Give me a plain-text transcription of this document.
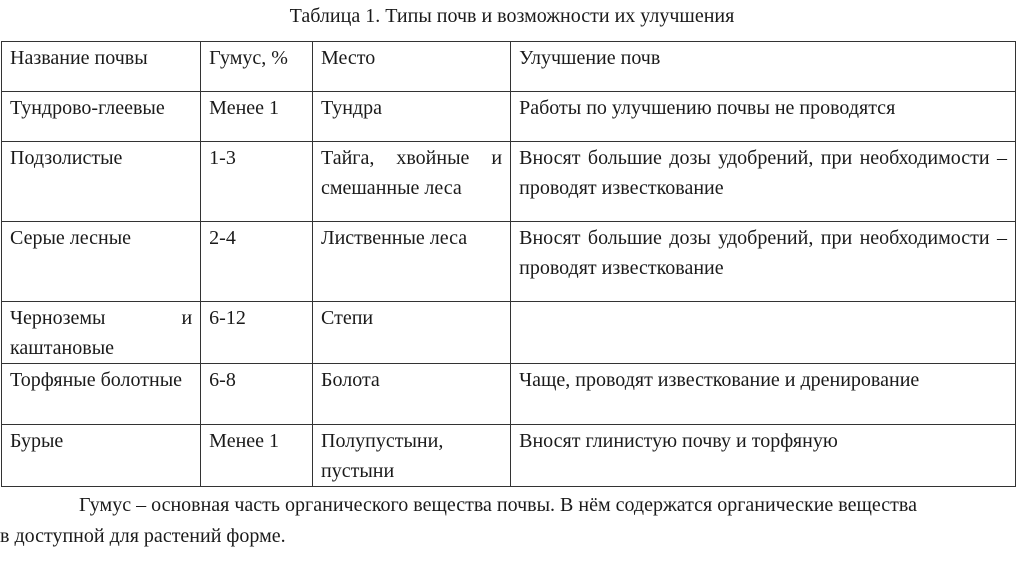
Таблица 1. Типы почв и возможности их улучшения
Название почвы	Гумус, %	Место	Улучшение почв
Тундрово-глеевые	Менее 1	Тундра	Работы по улучшению почвы не проводятся
Подзолистые	1-3	Тайга, хвойные и смешанные леса	Вносят большие дозы удобрений, при необходимости – проводят известкование
Серые лесные	2-4	Лиственные леса	Вносят большие дозы удобрений, при необходимости – проводят известкование
Черноземы и каштановые	6-12	Степи	
Торфяные болотные	6-8	Болота	Чаще, проводят известкование и дренирование
Бурые	Менее 1	Полупустыни, пустыни	Вносят глинистую почву и торфяную
Гумус – основная часть органического вещества почвы. В нём содержатся органические вещества
в доступной для растений форме.
